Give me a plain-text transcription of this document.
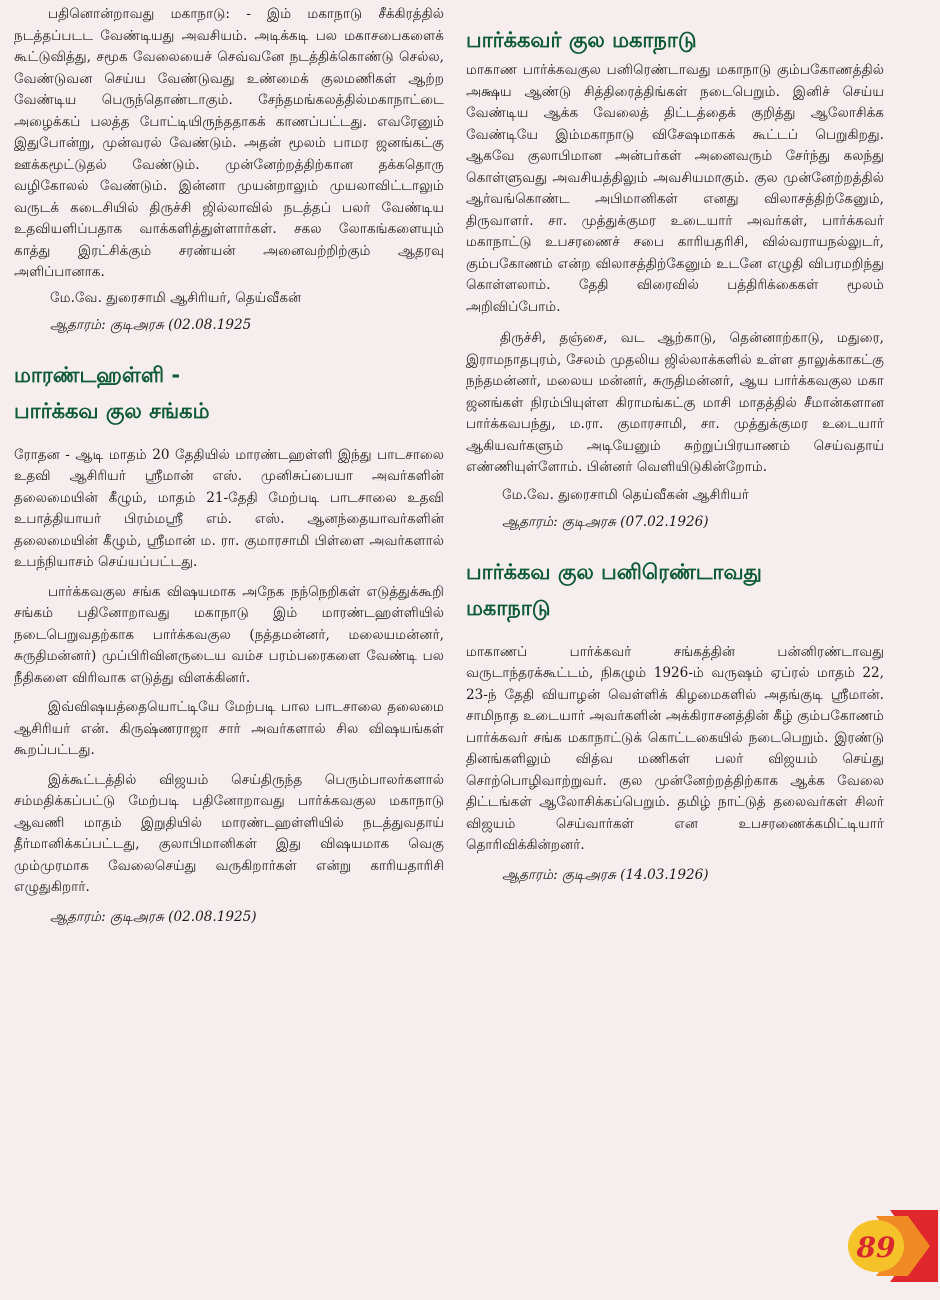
பதினொன்றாவது மகாநாடு: - இம் மகாநாடு சீக்கிரத்தில் நடத்தப்படட வேண்டியது அவசியம். அடிக்கடி பல மகாசபைகளைக் கூட்டுவித்து, சமூக வேலையைச் செவ்வனே நடத்திக்கொண்டு செல்ல, வேண்டுவன செய்ய வேண்டுவது உண்மைக் குலமணிகள் ஆற்ற வேண்டிய பெருந்தொண்டாகும். சேந்தமங்கலத்தில்மகாநாட்டை அழைக்கப் பலத்த போட்டியிருந்ததாகக் காணப்பட்டது. எவரேனும் இதுபோன்று, முன்வரல் வேண்டும். அதன் மூலம் பாமர ஜனங்கட்கு ஊக்கமூட்டுதல் வேண்டும். முன்னேற்றத்திற்கான தக்கதொரு வழிகோலல் வேண்டும். இன்னா முயன்றாலும் முயலாவிட்டாலும் வருடக் கடைசியில் திருச்சி ஜில்லாவில் நடத்தப் பலர் வேண்டிய உதவியளிப்பதாக வாக்களித்துள்ளார்கள். சகல லோகங்களையும் காத்து இரட்சிக்கும் சரண்யன் அனைவற்றிற்கும் ஆதரவு அளிப்பானாக.

மே.வே. துரைசாமி ஆசிரியர், தெய்வீகன்

ஆதாரம்: குடிஅரசு (02.08.1925

மாரண்டஹள்ளி -
பார்க்கவ குல சங்கம்

ரோதன - ஆடி மாதம் 20 தேதியில் மாரண்டஹள்ளி இந்து பாடசாலை உதவி ஆசிரியர் ஸ்ரீமான் எஸ். முனிசுப்பையா அவர்களின் தலைமையின் கீழும், மாதம் 21-தேதி மேற்படி பாடசாலை உதவி உபாத்தியாயர் பிரம்மஸ்ரீ எம். எஸ். ஆனந்தையாவர்களின் தலைமையின் கீழும், ஸ்ரீமான் ம. ரா. குமாரசாமி பிள்ளை அவர்களால் உபந்நியாசம் செய்யப்பட்டது.

பார்க்கவகுல சங்க விஷயமாக அநேக நந்நெறிகள் எடுத்துக்கூறி சங்கம் பதினோறாவது மகாநாடு இம் மாரண்டஹள்ளியில் நடைபெறுவதற்காக பார்க்கவகுல (நத்தமன்னர், மலையமன்னர், சுருதிமன்னர்) முப்பிரிவினருடைய வம்ச பரம்பரைகளை வேண்டி பல நீதிகளை விரிவாக எடுத்து விளக்கினர்.

இவ்விஷயத்தையொட்டியே மேற்படி பால பாடசாலை தலைமை ஆசிரியர் என். கிருஷ்ணராஜா சார் அவர்களால் சில விஷயங்கள் கூறப்பட்டது.

இக்கூட்டத்தில் விஜயம் செய்திருந்த பெரும்பாலர்களால் சம்மதிக்கப்பட்டு மேற்படி பதினோறாவது பார்க்கவகுல மகாநாடு ஆவணி மாதம் இறுதியில் மாரண்டஹள்ளியில் நடத்துவதாய் தீர்மானிக்கப்பட்டது, குலாபிமானிகள் இது விஷயமாக வெகு மும்முரமாக வேலைசெய்து வருகிறார்கள் என்று காரியதாரிசி எழுதுகிறார்.

ஆதாரம்: குடிஅரசு (02.08.1925)

பார்க்கவர் குல மகாநாடு

மாகாண பார்க்கவகுல பனிரெண்டாவது மகாநாடு கும்பகோணத்தில் அக்ஷய ஆண்டு சித்திரைத்திங்கள் நடைபெறும். இனிச் செய்ய வேண்டிய ஆக்க வேலைத் திட்டத்தைக் குறித்து ஆலோசிக்க வேண்டியே இம்மகாநாடு விசேஷமாகக் கூட்டப் பெறுகிறது. ஆகவே குலாபிமான அன்பர்கள் அனைவரும் சேர்ந்து கலந்து கொள்ளுவது அவசியத்திலும் அவசியமாகும். குல முன்னேற்றத்தில் ஆர்வங்கொண்ட அபிமானிகள் எனது விலாசத்திற்கேனும், திருவாளர். சா. முத்துக்குமர உடையார் அவர்கள், பார்க்கவர் மகாநாட்டு உபசரணைச் சபை காரியதரிசி, வில்வராயநல்லுடர், கும்பகோணம் என்ற விலாசத்திற்கேனும் உடனே எழுதி விபரமறிந்து கொள்ளலாம். தேதி விரைவில் பத்திரிக்கைகள் மூலம் அறிவிப்போம்.

திருச்சி, தஞ்சை, வட ஆற்காடு, தென்னாற்காடு, மதுரை, இராமநாதபுரம், சேலம் முதலிய ஜில்லாக்களில் உள்ள தாலுக்காகட்கு நந்தமன்னர், மலைய மன்னர், சுருதிமன்னர், ஆய பார்க்கவகுல மகா ஜனங்கள் நிரம்பியுள்ள கிராமங்கட்கு மாசி மாதத்தில் சீமான்களான பார்க்கவபந்து, ம.ரா. குமாரசாமி, சா. முத்துக்குமர உடையார் ஆகியவர்களும் அடியேனும் சுற்றுப்பிரயாணம் செய்வதாய் எண்ணியுள்ளோம். பின்னர் வெளியிடுகின்றோம்.

மே.வே. துரைசாமி தெய்வீகன் ஆசிரியர்

ஆதாரம்: குடிஅரசு (07.02.1926)

பார்க்கவ குல பனிரெண்டாவது
மகாநாடு

மாகாணப் பார்க்கவர் சங்கத்தின் பன்னிரண்டாவது வருடாந்தரக்கூட்டம், நிகழும் 1926-ம் வருஷம் ஏப்ரல் மாதம் 22, 23-ந் தேதி வியாழன் வெள்ளிக் கிழமைகளில் அதங்குடி ஸ்ரீமான். சாமிநாத உடையார் அவர்களின் அக்கிராசனத்தின் கீழ் கும்பகோணம் பார்க்கவர் சங்க மகாநாட்டுக் கொட்டகையில் நடைபெறும். இரண்டு தினங்களிலும் வித்வ மணிகள் பலர் விஜயம் செய்து சொற்பொழிவாற்றுவர். குல முன்னேற்றத்திற்காக ஆக்க வேலை திட்டங்கள் ஆலோசிக்கப்பெறும். தமிழ் நாட்டுத் தலைவர்கள் சிலர் விஜயம் செய்வார்கள் என உபசரணைக்கமிட்டியார் தொரிவிக்கின்றனர்.

ஆதாரம்: குடிஅரசு (14.03.1926)

89
